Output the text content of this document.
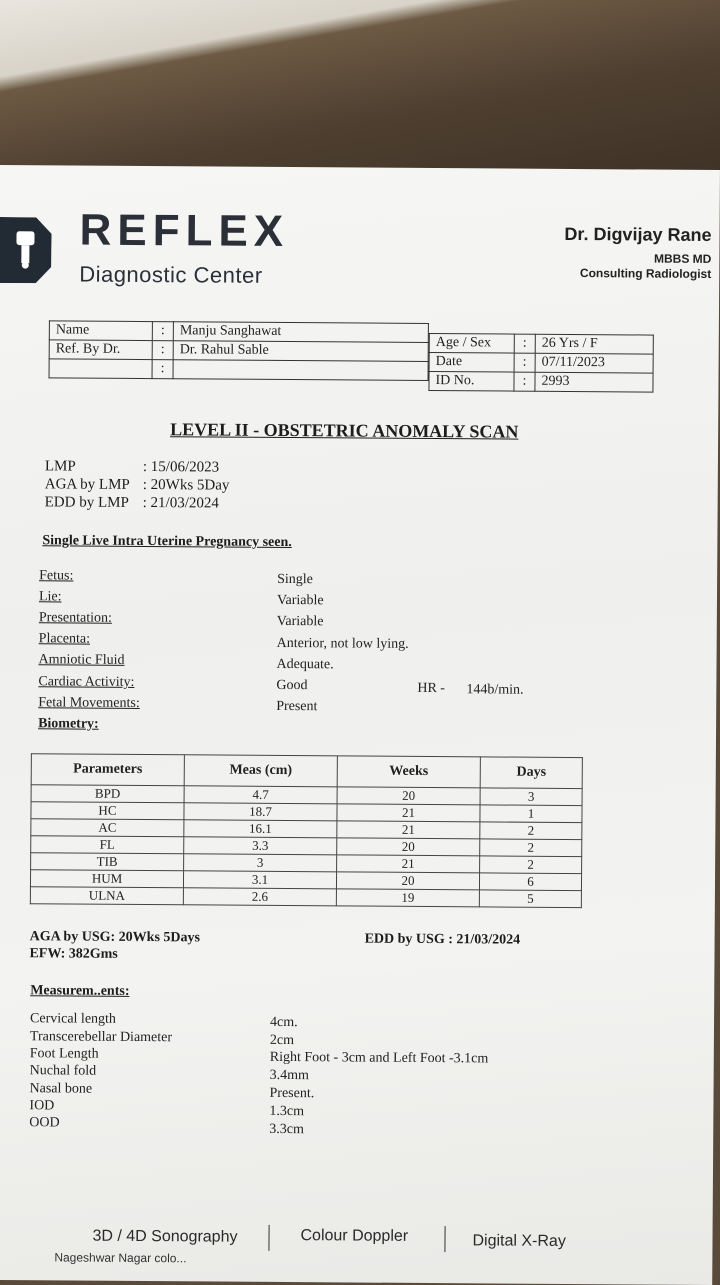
REFLEX
Diagnostic Center
Dr. Digvijay Rane
MBBS MD
Consulting Radiologist
Name	:	Manju Sanghawat
Ref. By Dr.	:	Dr. Rahul Sable
	:	
Age / Sex	:	26 Yrs / F
Date	:	07/11/2023
ID No.	:	2993
LEVEL II - OBSTETRIC ANOMALY SCAN
LMP	: 15/06/2023
AGA by LMP : 20Wks 5Day
EDD by LMP : 21/03/2024
Single Live Intra Uterine Pregnancy seen.
Fetus:	Single
Lie:	Variable
Presentation:	Variable
Placenta:	Anterior, not low lying.
Amniotic Fluid	Adequate.
Cardiac Activity:	Good	HR - 144b/min.
Fetal Movements:	Present
Biometry:
Parameters	Meas (cm)	Weeks	Days
BPD	4.7	20	3
HC	18.7	21	1
AC	16.1	21	2
FL	3.3	20	2
TIB	3	21	2
HUM	3.1	20	6
ULNA	2.6	19	5
AGA by USG: 20Wks 5Days
EFW: 382Gms
EDD by USG : 21/03/2024
Measurem..ents:
Cervical length	4cm.
Transcerebellar Diameter	2cm
Foot Length	Right Foot - 3cm and Left Foot -3.1cm
Nuchal fold	3.4mm
Nasal bone	Present.
IOD	1.3cm
OOD	3.3cm
3D / 4D Sonography	Colour Doppler	Digital X-Ray
Nageshwar Nagar colo...
